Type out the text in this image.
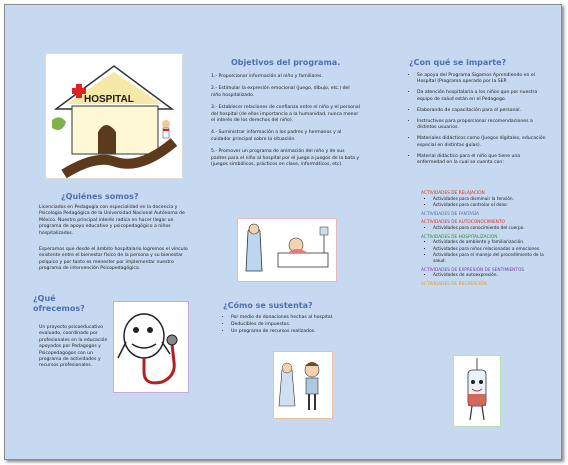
HOSPITAL
¿Quiénes somos?

Licenciados en Pedagogía con especialidad en la docencia y Psicología Pedagógica de la Universidad Nacional Autónoma de México. Nuestro principal interés radica en hacer llegar un programa de apoyo educativo y psicopedagógico a niños hospitalizados.

Esperamos que desde el ámbito hospitalario logremos el vínculo existente entre el bienestar físico de la persona y su bienestar psíquico y por tanto es menester por implementar nuestro programa de intervención Psicopedagógica.

¿Qué ofrecemos?

Un proyecto psicoeducativo evaluado, coordinado por profesionales en la educación apoyados por Pedagogos y Psicopedagogos con un programa de actividades y recursos profesionales.

Objetivos del programa.
1.- Proporcionar información al niño y familiares.
2.- Estimular la expresión emocional (juego, dibujo, etc.) del niño hospitalizado.
3.- Establecer relaciones de confianza entre el niño y el personal del hospital (de ellos importancia a la humanidad, nunca menor el interés de los derechos del niño).
4.- Suministrar información a los padres y hermanos y al cuidador principal sobre la situación.
5.- Promover un programa de animación del niño y de sus padres para el niño al hospital por el juego a juegos de la bata y (juegos simbólicos, prácticos en clase, informáticos, etc).
¿Cómo se sustenta?
• Por medio de donaciones hechas al hospital.
• Deducibles de impuestos.
• Un programa de recursos realizados.
¿Con qué se imparte?
• Se apoya del Programa Sigamos Aprendiendo en el Hospital (Programa operado por la SEP.
• Da atención hospitalaria a los niños que por nuestra equipo de salud están en el Pedagogo.
• Elaborando de capacitación para el personal.
• Instructivos para proporcionar recomendaciones a distintos usuarios.
• Materiales didácticos como (Juegos digitales, educación especial en distintas guías).
• Material didáctico para el niño que tiene una enfermedad en la cual se cuenta con:
ACTIVIDADES DE RELAJACIÓN
▪ Actividades para disminuir la tensión.
▪ Actividades para controlar el dolor.
ACTIVIDADES DE FANTASÍA
ACTIVIDADES DE AUTOCONOCIMIENTO
▪ Actividades para conocimiento del cuerpo.
ACTIVIDADES DE HOSPITALIZACIÓN
▪ Actividades de ambiente y familiarización.
▪ Actividades para niños relacionadas a emociones.
▪ Actividades para el manejo del procedimiento de la salud.
ACTIVIDADES DE EXPRESIÓN DE SENTIMIENTOS
▪ Actividades de autoexpresión.
ACTIVIDADES DE RECREACIÓN
